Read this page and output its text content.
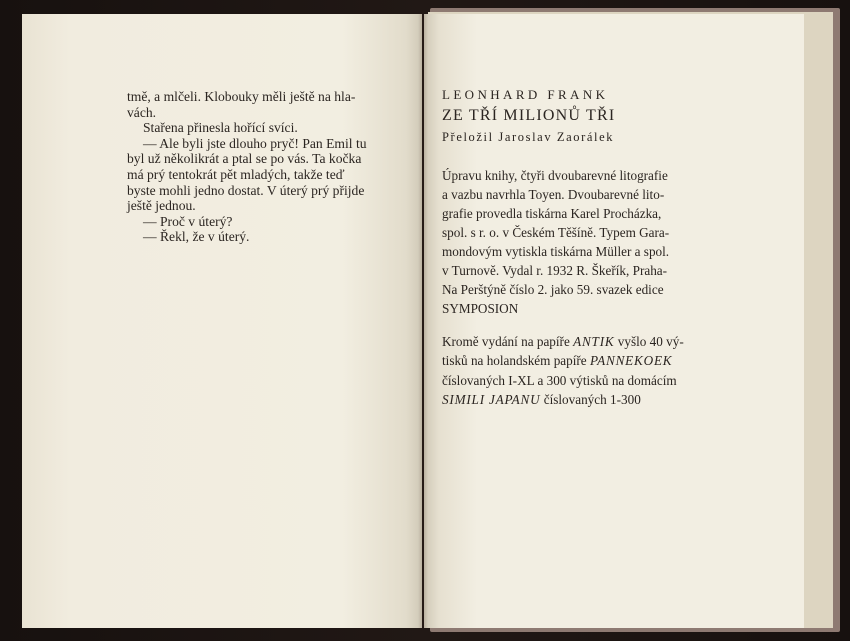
tmě, a mlčeli. Klobouky měli ještě na hla-

vách.

Stařena přinesla hořící svíci.

— Ale byli jste dlouho pryč! Pan Emil tu

byl už několikrát a ptal se po vás. Ta kočka

má prý tentokrát pět mladých, takže teď

byste mohli jedno dostat. V úterý prý přijde

ještě jednou.

— Proč v úterý?

— Řekl, že v úterý.

LEONHARD FRANK
ZE TŘÍ MILIONŮ TŘI
Přeložil Jaroslav Zaorálek
Úpravu knihy, čtyři dvoubarevné litografie
a vazbu navrhla Toyen. Dvoubarevné lito-
grafie provedla tiskárna Karel Procházka,
spol. s r. o. v Českém Těšíně. Typem Gara-
mondovým vytiskla tiskárna Müller a spol.
v Turnově. Vydal r. 1932 R. Škeřík, Praha-
Na Perštýně číslo 2. jako 59. svazek edice
SYMPOSION
Kromě vydání na papíře ANTIK vyšlo 40 vý-
tisků na holandském papíře PANNEKOEK
číslovaných I-XL a 300 výtisků na domácím
SIMILI JAPANU číslovaných 1-300
